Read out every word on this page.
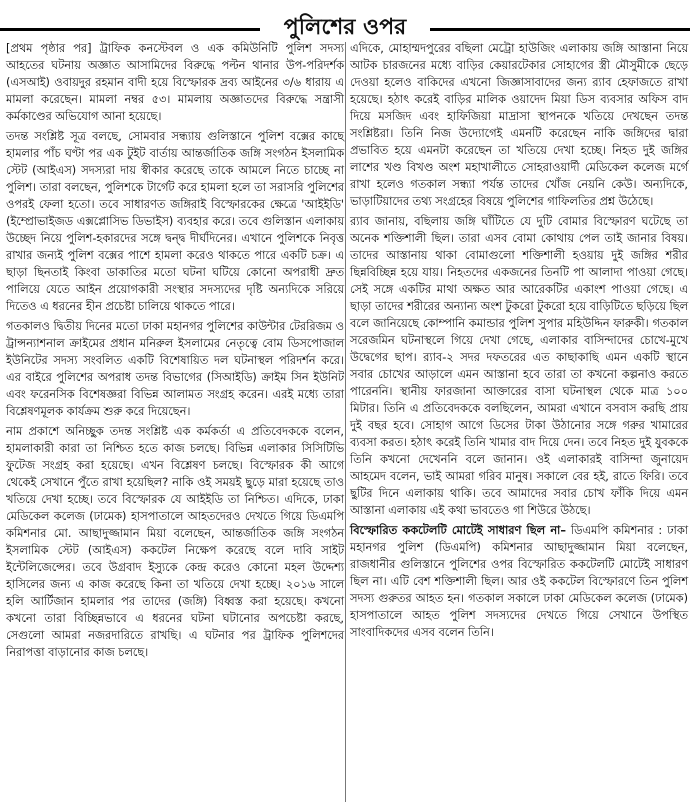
পুলিশের ওপর

[প্রথম পৃষ্ঠার পর] ট্রাফিক কনস্টেবল ও এক কমিউনিটি পুলিশ সদস্য আহতের ঘটনায় অজ্ঞাত আসামিদের বিরুদ্ধে পল্টন থানার উপ-পরিদর্শক (এসআই) ওবায়দুর রহমান বাদী হয়ে বিস্ফোরক দ্রব্য আইনের ৩/৬ ধারায় এ মামলা করেছেন। মামলা নম্বর ৫৩। মামলায় অজ্ঞাতদের বিরুদ্ধে সন্ত্রাসী কর্মকাণ্ডের অভিযোগ আনা হয়েছে।

তদন্ত সংশ্লিষ্ট সূত্র বলছে, সোমবার সন্ধ্যায় গুলিস্তানে পুলিশ বক্সের কাছে হামলার পাঁচ ঘণ্টা পর এক টুইট বার্তায় আন্তর্জাতিক জঙ্গি সংগঠন ইসলামিক স্টেট (আইএস) সদস্যরা দায় স্বীকার করেছে তাকে আমলে নিতে চাচ্ছে না পুলিশ। তারা বলছেন, পুলিশকে টার্গেট করে হামলা হলে তা সরাসরি পুলিশের ওপরই ফেলা হতো। তবে সাধারণত জঙ্গিরাই বিস্ফোরকের ক্ষেত্রে 'আইইডি' (ইম্প্রোভাইজড এক্সপ্লোসিভ ডিভাইস) ব্যবহার করে। তবে গুলিস্তান এলাকায় উচ্ছেদ নিয়ে পুলিশ-হকারদের সঙ্গে দ্বন্দ্ব দীর্ঘদিনের। এখানে পুলিশকে নিবৃত্ত রাখার জন্যই পুলিশ বক্সের পাশে হামলা করেও থাকতে পারে একটি চক্র। এ ছাড়া ছিনতাই কিংবা ডাকাতির মতো ঘটনা ঘটিয়ে কোনো অপরাধী দ্রুত পালিয়ে যেতে আইন প্রয়োগকারী সংস্থার সদস্যদের দৃষ্টি অন্যদিকে সরিয়ে দিতেও এ ধরনের হীন প্রচেষ্টা চালিয়ে থাকতে পারে।

গতকালও দ্বিতীয় দিনের মতো ঢাকা মহানগর পুলিশের কাউন্টার টেররিজম ও ট্রান্সন্যাশনাল ক্রাইমের প্রধান মনিরুল ইসলামের নেতৃত্বে বোম ডিসপোজাল ইউনিটের সদস্য সংবলিত একটি বিশেষায়িত দল ঘটনাস্থল পরিদর্শন করে। এর বাইরে পুলিশের অপরাধ তদন্ত বিভাগের (সিআইডি) ক্রাইম সিন ইউনিট এবং ফরেনসিক বিশেষজ্ঞরা বিভিন্ন আলামত সংগ্রহ করেন। এরই মধ্যে তারা বিশ্লেষণমূলক কার্যক্রম শুরু করে দিয়েছেন।

নাম প্রকাশে অনিচ্ছুক তদন্ত সংশ্লিষ্ট এক কর্মকর্তা এ প্রতিবেদককে বলেন, হামলাকারী কারা তা নিশ্চিত হতে কাজ চলছে। বিভিন্ন এলাকার সিসিটিভি ফুটেজ সংগ্রহ করা হয়েছে। এখন বিশ্লেষণ চলছে। বিস্ফোরক কী আগে থেকেই সেখানে পুঁতে রাখা হয়েছিল? নাকি ওই সময়ই ছুড়ে মারা হয়েছে তাও খতিয়ে দেখা হচ্ছে। তবে বিস্ফোরক যে আইইডি তা নিশ্চিত। এদিকে, ঢাকা মেডিকেল কলেজ (ঢামেক) হাসপাতালে আহতদেরও দেখতে গিয়ে ডিএমপি কমিশনার মো. আছাদুজ্জামান মিয়া বলেছেন, আন্তর্জাতিক জঙ্গি সংগঠন ইসলামিক স্টেট (আইএস) ককটেল নিক্ষেপ করেছে বলে দাবি সাইট ইন্টেলিজেন্সের। তবে উগ্রবাদ ইস্যুকে কেন্দ্র করেও কোনো মহল উদ্দেশ্য হাসিলের জন্য এ কাজ করেছে কিনা তা খতিয়ে দেখা হচ্ছে। ২০১৬ সালে হলি আর্টিজান হামলার পর তাদের (জঙ্গি) বিধ্বস্ত করা হয়েছে। কখনো কখনো তারা বিচ্ছিন্নভাবে এ ধরনের ঘটনা ঘটানোর অপচেষ্টা করছে, সেগুলো আমরা নজরদারিতে রাখছি। এ ঘটনার পর ট্রাফিক পুলিশদের নিরাপত্তা বাড়ানোর কাজ চলছে।

এদিকে, মোহাম্মদপুরের বছিলা মেট্রো হাউজিং এলাকায় জঙ্গি আস্তানা নিয়ে আটক চারজনের মধ্যে বাড়ির কেয়ারটেকার সোহাগের স্ত্রী মৌসুমীকে ছেড়ে দেওয়া হলেও বাকিদের এখনো জিজ্ঞাসাবাদের জন্য র‌্যাব হেফাজতে রাখা হয়েছে। হঠাৎ করেই বাড়ির মালিক ওয়াদেদ মিয়া ডিস ব্যবসার অফিস বাদ দিয়ে মসজিদ এবং হাফিজিয়া মাদ্রাসা স্থাপনকে খতিয়ে দেখছেন তদন্ত সংশ্লিষ্টরা। তিনি নিজ উদ্যোগেই এমনটি করেছেন নাকি জঙ্গিদের দ্বারা প্রভাবিত হয়ে এমনটা করেছেন তা খতিয়ে দেখা হচ্ছে। নিহত দুই জঙ্গির লাশের খণ্ড বিখণ্ড অংশ মহাখালীতে সোহরাওয়ার্দী মেডিকেল কলেজ মর্গে রাখা হলেও গতকাল সন্ধ্যা পর্যন্ত তাদের খোঁজ নেয়নি কেউ। অন্যদিকে, ভাড়াটিয়াদের তথ্য সংগ্রহের বিষয়ে পুলিশের গাফিলতির প্রশ্ন উঠেছে।

র‌্যাব জানায়, বছিলায় জঙ্গি ঘাঁটিতে যে দুটি বোমার বিস্ফোরণ ঘটেছে তা অনেক শক্তিশালী ছিল। তারা এসব বোমা কোথায় পেল তাই জানার বিষয়। তাদের আস্তানায় থাকা বোমাগুলো শক্তিশালী হওয়ায় দুই জঙ্গির শরীর ছিন্নবিচ্ছিন্ন হয়ে যায়। নিহতদের একজনের তিনটি পা আলাদা পাওয়া গেছে। সেই সঙ্গে একটির মাথা অক্ষত আর আরেকটির একাংশ পাওয়া গেছে। এ ছাড়া তাদের শরীরের অন্যান্য অংশ টুকরো টুকরো হয়ে বাড়িটিতে ছড়িয়ে ছিল বলে জানিয়েছে কোম্পানি কমান্ডার পুলিশ সুপার মহিউদ্দিন ফারুকী। গতকাল সরেজমিন ঘটনাস্থলে গিয়ে দেখা গেছে, এলাকার বাসিন্দাদের চোখে-মুখে উদ্বেগের ছাপ। র‌্যাব-২ সদর দফতরের এত কাছাকাছি এমন একটি স্থানে সবার চোখের আড়ালে এমন আস্তানা হবে তারা তা কখনো কল্পনাও করতে পারেননি। স্থানীয় ফারজানা আক্তারের বাসা ঘটনাস্থল থেকে মাত্র ১০০ মিটার। তিনি এ প্রতিবেদককে বলছিলেন, আমরা এখানে বসবাস করছি প্রায় দুই বছর হবে। সোহাগ আগে ডিসের টাকা উঠানোর সঙ্গে গরুর খামারের ব্যবসা করত। হঠাৎ করেই তিনি খামার বাদ দিয়ে দেন। তবে নিহত দুই যুবককে তিনি কখনো দেখেননি বলে জানান। ওই এলাকারই বাসিন্দা জুনায়েদ আহমেদ বলেন, ভাই আমরা গরিব মানুষ। সকালে বের হই, রাতে ফিরি। তবে ছুটির দিনে এলাকায় থাকি। তবে আমাদের সবার চোখ ফাঁকি দিয়ে এমন আস্তানা এলাকায় এই কথা ভাবতেও গা শিউরে উঠছে।

বিস্ফোরিত ককটেলটি মোটেই সাধারণ ছিল না– ডিএমপি কমিশনার : ঢাকা মহানগর পুলিশ (ডিএমপি) কমিশনার আছাদুজ্জামান মিয়া বলেছেন, রাজধানীর গুলিস্তানে পুলিশের ওপর বিস্ফোরিত ককটেলটি মোটেই সাধারণ ছিল না। এটি বেশ শক্তিশালী ছিল। আর ওই ককটেল বিস্ফোরণে তিন পুলিশ সদস্য গুরুতর আহত হন। গতকাল সকালে ঢাকা মেডিকেল কলেজ (ঢামেক) হাসপাতালে আহত পুলিশ সদস্যদের দেখতে গিয়ে সেখানে উপস্থিত সাংবাদিকদের এসব বলেন তিনি।
